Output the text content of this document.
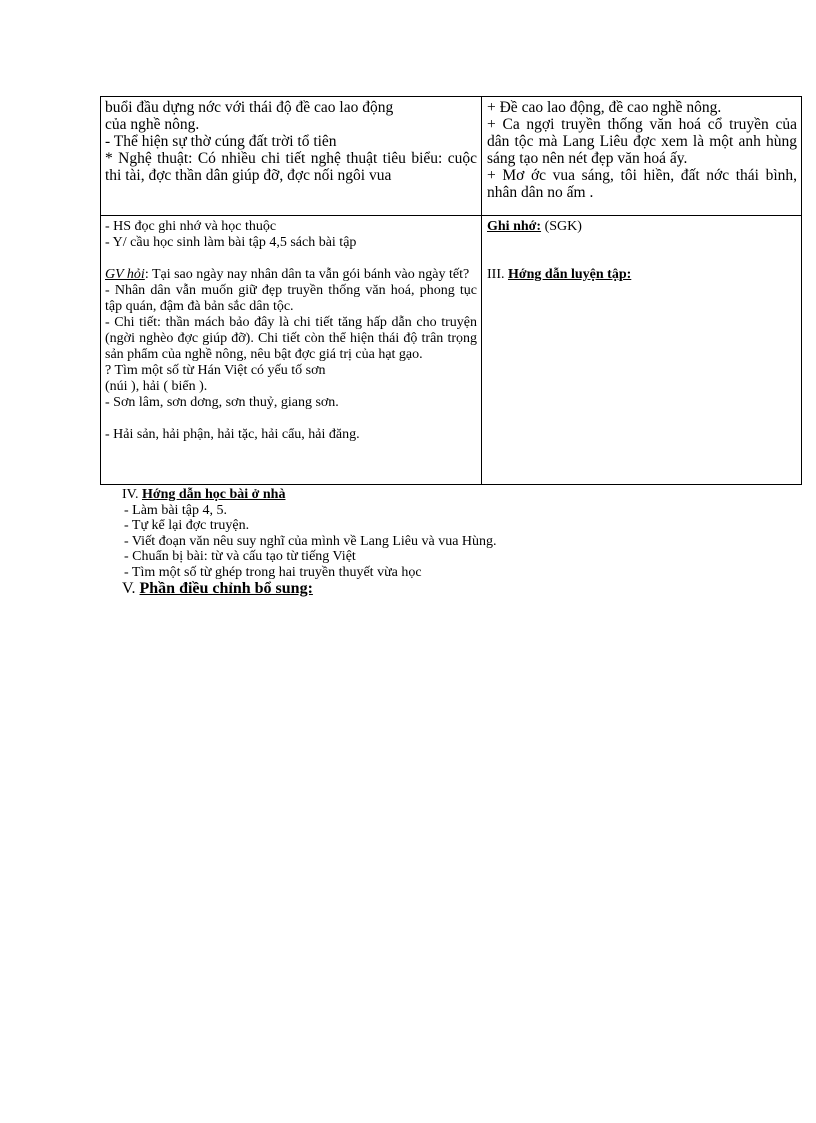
buổi đầu dựng nớc với thái độ đề cao lao động

của nghề nông.

- Thể hiện sự thờ cúng đất trời tổ tiên

* Nghệ thuật: Có nhiều chi tiết nghệ thuật tiêu biểu: cuộc thi tài, đợc thần dân giúp đỡ, đợc nối ngôi vua

+ Đề cao lao động, đề cao nghề nông.

+ Ca ngợi truyền thống văn hoá cổ truyền của dân tộc mà Lang Liêu đợc xem là một anh hùng sáng tạo nên nét đẹp văn hoá ấy.

+ Mơ ớc vua sáng, tôi hiền, đất nớc thái bình, nhân dân no ấm .

- HS đọc ghi nhớ và học thuộc

- Y/ cầu học sinh làm bài tập 4,5 sách bài tập

GV hỏi: Tại sao ngày nay nhân dân ta vẫn gói bánh vào ngày tết?

- Nhân dân vẫn muốn giữ đẹp truyền thống văn hoá, phong tục tập quán, đậm đà bản sắc dân tộc.

- Chi tiết: thần mách bảo đây là chi tiết tăng hấp dẫn cho truyện (ngời nghèo đợc giúp đỡ). Chi tiết còn thể hiện thái độ trân trọng sản phẩm của nghề nông, nêu bật đợc giá trị của hạt gạo.

? Tìm một số từ Hán Việt có yếu tố sơn

(núi ), hải ( biển ).

- Sơn lâm, sơn dơng, sơn thuỷ, giang sơn.

- Hải sản, hải phận, hải tặc, hải cẩu, hải đăng.

Ghi nhớ: (SGK)

III. Hớng dẫn luyện tập:

IV. Hớng dẫn học bài ở nhà

- Làm bài tập 4, 5.

- Tự kể lại đợc truyện.

- Viết đoạn văn nêu suy nghĩ của mình về Lang Liêu và vua Hùng.

- Chuẩn bị bài: từ và cấu tạo từ tiếng Việt

- Tìm một số từ ghép trong hai truyền thuyết vừa học

V. Phần điều chỉnh bổ sung:
